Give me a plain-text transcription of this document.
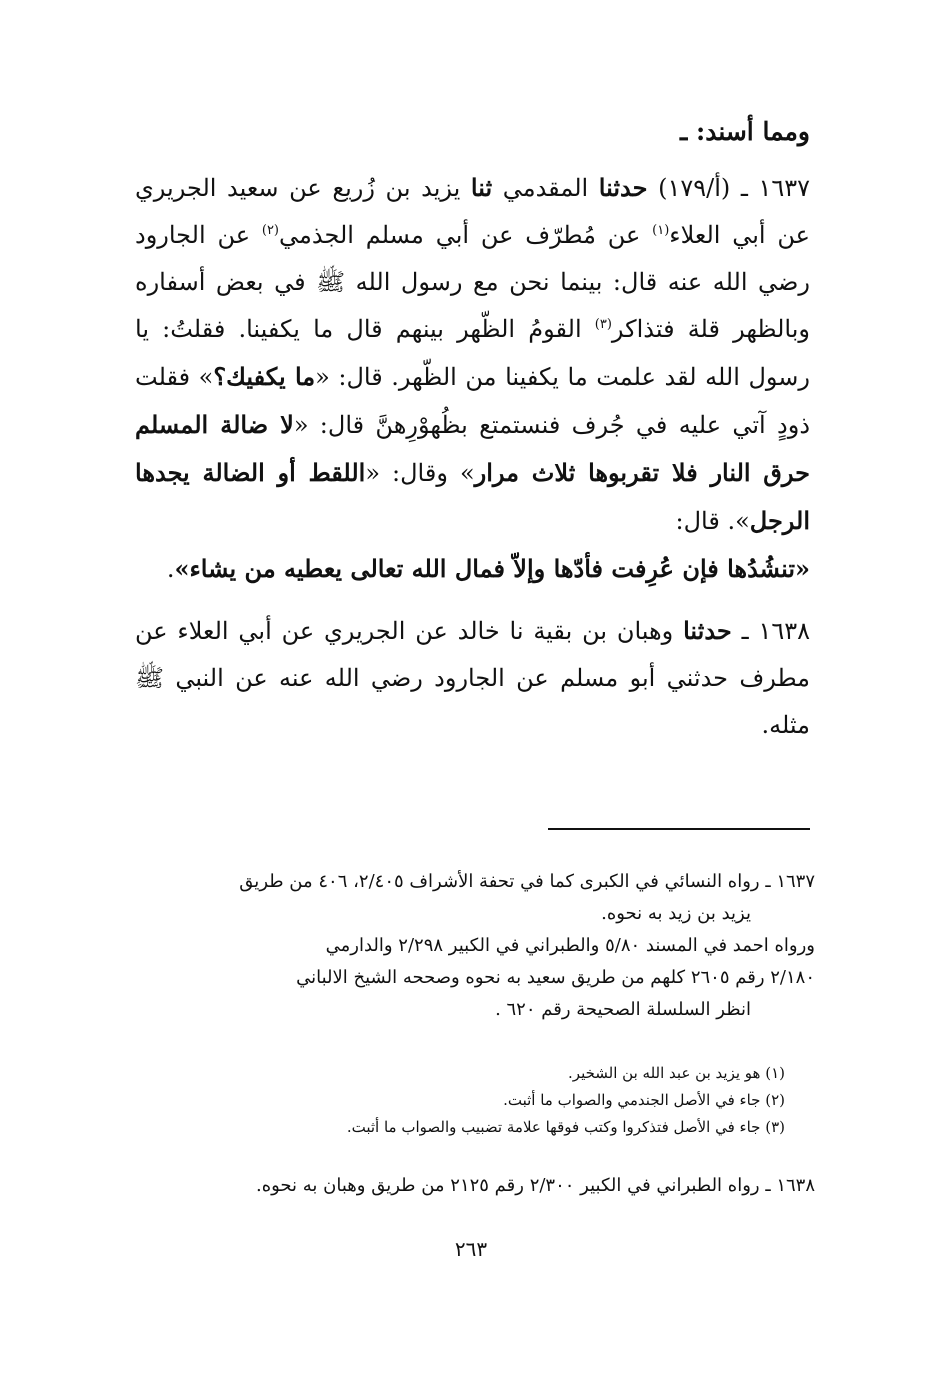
ومما أسند: ـ

١٦٣٧ ـ (أ/١٧٩) حدثنا المقدمي ثنا يزيد بن زُريع عن سعيد الجريري عن أبي العلاء$^{(١)}$ عن مُطرّف عن أبي مسلم الجذمي$^{(٢)}$ عن الجارود رضي الله عنه قال: بينما نحن مع رسول الله ﷺ في بعض أسفاره وبالظهر قلة فتذاكر$^{(٣)}$ القومُ الظّهر بينهم قال ما يكفينا. فقلتُ: يا رسول الله لقد علمت ما يكفينا من الظّهر. قال: «ما يكفيك؟» فقلت ذودٍ آتي عليه في جُرف فنستمتع بظُهوْرِهنَّ قال: «لا ضالة المسلم حرق النار فلا تقربوها ثلاث مرار» وقال: «اللقط أو الضالة يجدها الرجل». قال:
«تنشُدُها فإن عُرِفت فأدّها وإلاّ فمال الله تعالى يعطيه من يشاء».

١٦٣٨ ـ حدثنا وهبان بن بقية نا خالد عن الجريري عن أبي العلاء عن مطرف حدثني أبو مسلم عن الجارود رضي الله عنه عن النبي ﷺ مثله.

١٦٣٧ ـ رواه النسائي في الكبرى كما في تحفة الأشراف ٢/٤٠٥، ٤٠٦ من طريق

يزيد بن زيد به نحوه.

ورواه احمد في المسند ٥/٨٠ والطبراني في الكبير ٢/٢٩٨ والدارمي

٢/١٨٠ رقم ٢٦٠٥ كلهم من طريق سعيد به نحوه وصححه الشيخ الالباني

انظر السلسلة الصحيحة رقم ٦٢٠ .

(١) هو يزيد بن عبد الله بن الشخير.

(٢) جاء في الأصل الجندمي والصواب ما أثبت.

(٣) جاء في الأصل فتذكروا وكتب فوقها علامة تضبيب والصواب ما أثبت.

١٦٣٨ ـ رواه الطبراني في الكبير ٢/٣٠٠ رقم ٢١٢٥ من طريق وهبان به نحوه.

٢٦٣
